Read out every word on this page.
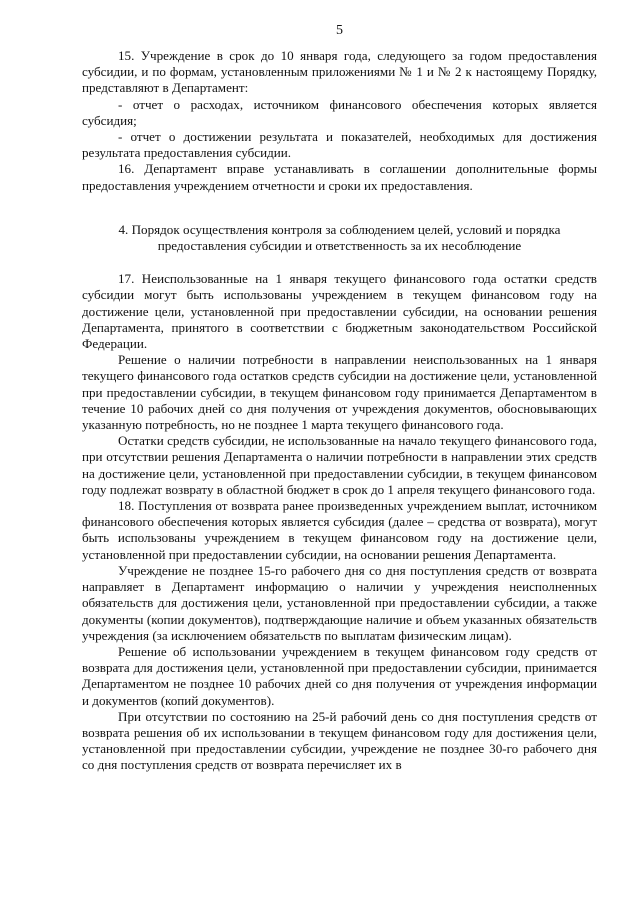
5

15. Учреждение в срок до 10 января года, следующего за годом предоставления субсидии, и по формам, установленным приложениями № 1 и № 2 к настоящему Порядку, представляют в Департамент:

- отчет о расходах, источником финансового обеспечения которых является субсидия;

- отчет о достижении результата и показателей, необходимых для достижения результата предоставления субсидии.

16. Департамент вправе устанавливать в соглашении дополнительные формы предоставления учреждением отчетности и сроки их предоставления.

4. Порядок осуществления контроля за соблюдением целей, условий и порядка предоставления субсидии и ответственность за их несоблюдение

17. Неиспользованные на 1 января текущего финансового года остатки средств субсидии могут быть использованы учреждением в текущем финансовом году на достижение цели, установленной при предоставлении субсидии, на основании решения Департамента, принятого в соответствии с бюджетным законодательством Российской Федерации.

Решение о наличии потребности в направлении неиспользованных на 1 января текущего финансового года остатков средств субсидии на достижение цели, установленной при предоставлении субсидии, в текущем финансовом году принимается Департаментом в течение 10 рабочих дней со дня получения от учреждения документов, обосновывающих указанную потребность, но не позднее 1 марта текущего финансового года.

Остатки средств субсидии, не использованные на начало текущего финансового года, при отсутствии решения Департамента о наличии потребности в направлении этих средств на достижение цели, установленной при предоставлении субсидии, в текущем финансовом году подлежат возврату в областной бюджет в срок до 1 апреля текущего финансового года.

18. Поступления от возврата ранее произведенных учреждением выплат, источником финансового обеспечения которых является субсидия (далее – средства от возврата), могут быть использованы учреждением в текущем финансовом году на достижение цели, установленной при предоставлении субсидии, на основании решения Департамента.

Учреждение не позднее 15-го рабочего дня со дня поступления средств от возврата направляет в Департамент информацию о наличии у учреждения неисполненных обязательств для достижения цели, установленной при предоставлении субсидии, а также документы (копии документов), подтверждающие наличие и объем указанных обязательств учреждения (за исключением обязательств по выплатам физическим лицам).

Решение об использовании учреждением в текущем финансовом году средств от возврата для достижения цели, установленной при предоставлении субсидии, принимается Департаментом не позднее 10 рабочих дней со дня получения от учреждения информации и документов (копий документов).

При отсутствии по состоянию на 25-й рабочий день со дня поступления средств от возврата решения об их использовании в текущем финансовом году для достижения цели, установленной при предоставлении субсидии, учреждение не позднее 30-го рабочего дня со дня поступления средств от возврата перечисляет их в
